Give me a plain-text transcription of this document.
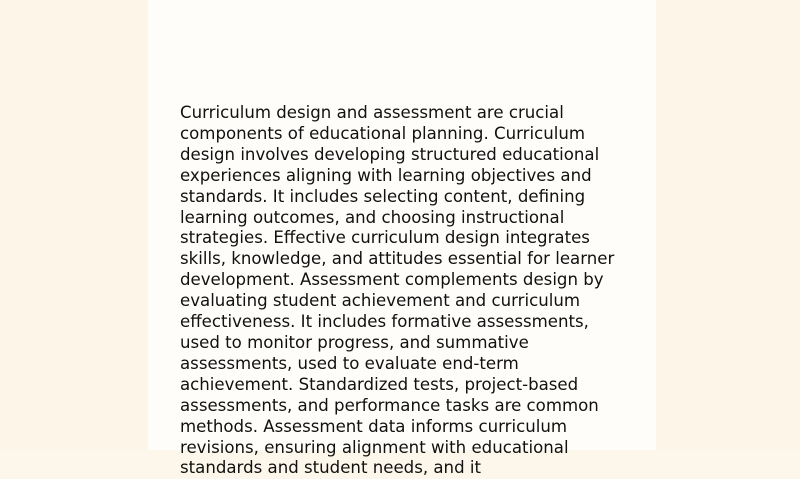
Curriculum design and assessment are crucial components of educational planning. Curriculum design involves developing structured educational experiences aligning with learning objectives and standards. It includes selecting content, defining learning outcomes, and choosing instructional strategies. Effective curriculum design integrates skills, knowledge, and attitudes essential for learner development. Assessment complements design by evaluating student achievement and curriculum effectiveness. It includes formative assessments, used to monitor progress, and summative assessments, used to evaluate end-term achievement. Standardized tests, project-based assessments, and performance tasks are common methods. Assessment data informs curriculum revisions, ensuring alignment with educational standards and student needs, and it
